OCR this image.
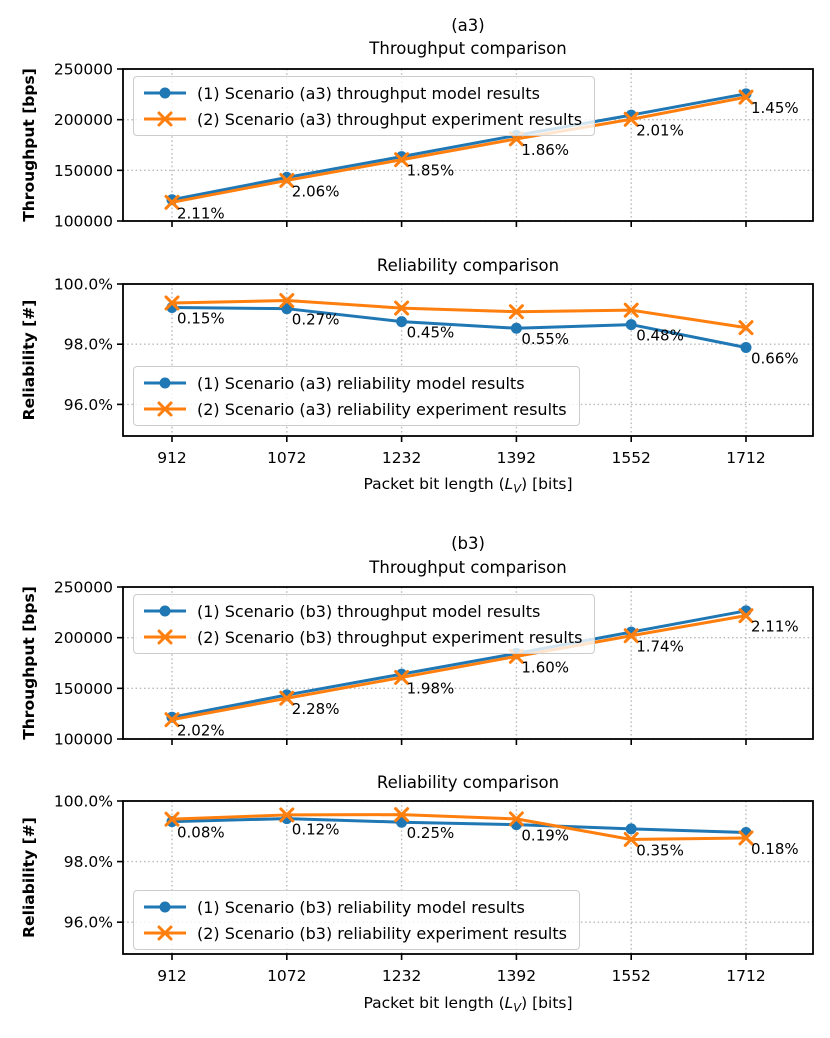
2.11%
2.06%
1.85%
1.86%
2.01%
1.45%
100000
150000
200000
250000
Throughput [bps]
(a3)
Throughput comparison
0.15%	0.27%
0.45%	0.55%	0.48%
0.66%
96.0%
98.0%
100.0%
912	1072	1232	1392	1552	1712
Packet bit length $(L_V)$ [bits]
Reliability [#]
Reliability comparison
2.02%
2.28%
1.98%
1.60%
1.74%
2.11%
100000
150000
200000
250000
Throughput [bps]
(b3)
Throughput comparison
0.08%	0.12%	0.25%	0.19%
0.35%	0.18%
96.0%
98.0%
100.0%
912	1072	1232	1392	1552	1712
Packet bit length $(L_V)$ [bits]
Reliability [#]
Reliability comparison
(1) Scenario (a3) throughput model results
(2) Scenario (a3) throughput experiment results
(1) Scenario (a3) reliability model results
(2) Scenario (a3) reliability experiment results
(1) Scenario (b3) throughput model results
(2) Scenario (b3) throughput experiment results
(1) Scenario (b3) reliability model results
(2) Scenario (b3) reliability experiment results
